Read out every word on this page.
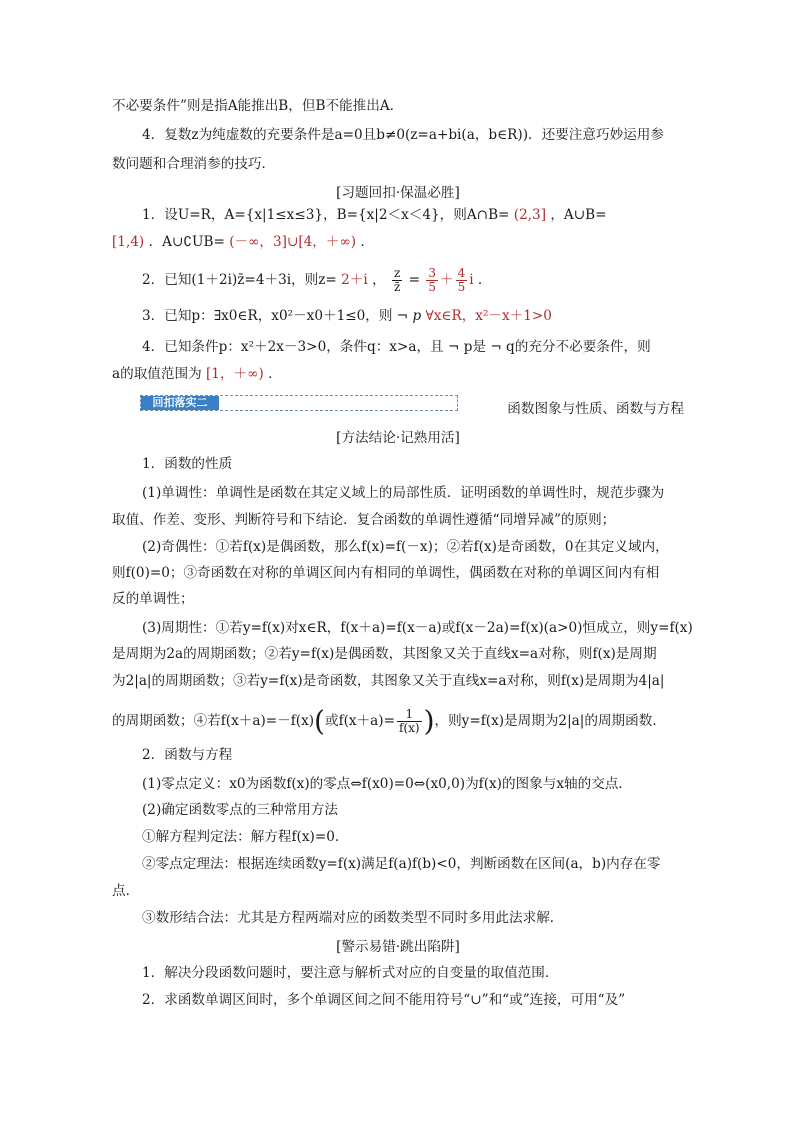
不必要条件”则是指A能推出B，但B不能推出A.
4．复数z为纯虚数的充要条件是a=0且b≠0(z=a+bi(a，b∈R))．还要注意巧妙运用参
数问题和合理消参的技巧．
[习题回扣·保温必胜]
1．设U=R，A={x|1≤x≤3}，B={x|2＜x＜4}，则A∩B= (2,3] ，A∪B=
[1,4) ．A∪∁UB= (－∞，3]∪[4，＋∞) ．
2．已知(1＋2i)z̄=4＋3i，则z= 2＋i ， $\frac{z}{z̄} = \frac{3}{5} + \frac{4}{5}$ i ．
3．已知p：∃x0∈R，x0²－x0＋1≤0，则 ¬ p ∀x∈R，x²－x＋1>0
4．已知条件p：x²＋2x－3>0，条件q：x>a，且 ¬ p是 ¬ q的充分不必要条件，则
a的取值范围为 [1，＋∞) ．
回扣落实二	函数图象与性质、函数与方程
[方法结论·记熟用活]
1．函数的性质
(1)单调性：单调性是函数在其定义域上的局部性质．证明函数的单调性时，规范步骤为
取值、作差、变形、判断符号和下结论．复合函数的单调性遵循“同增异减”的原则；
(2)奇偶性：①若f(x)是偶函数，那么f(x)=f(－x)；②若f(x)是奇函数，0在其定义域内，
则f(0)=0；③奇函数在对称的单调区间内有相同的单调性，偶函数在对称的单调区间内有相
反的单调性；
(3)周期性：①若y=f(x)对x∈R，f(x＋a)=f(x－a)或f(x－2a)=f(x)(a>0)恒成立，则y=f(x)
是周期为2a的周期函数；②若y=f(x)是偶函数，其图象又关于直线x=a对称，则f(x)是周期
为2|a|的周期函数；③若y=f(x)是奇函数，其图象又关于直线x=a对称，则f(x)是周期为4|a|
的周期函数；④若f(x＋a)=－f(x)(或$f(x+a)= \frac{1}{f(x)}$ )，则y=f(x)是周期为2|a|的周期函数．
2．函数与方程
(1)零点定义：x0为函数f(x)的零点⇔f(x0)=0⇔(x0,0)为f(x)的图象与x轴的交点．
(2)确定函数零点的三种常用方法
①解方程判定法：解方程f(x)=0.
②零点定理法：根据连续函数y=f(x)满足f(a)f(b)<0，判断函数在区间(a，b)内存在零
点．
③数形结合法：尤其是方程两端对应的函数类型不同时多用此法求解．
[警示易错·跳出陷阱]
1．解决分段函数问题时，要注意与解析式对应的自变量的取值范围．
2．求函数单调区间时，多个单调区间之间不能用符号“∪”和“或”连接，可用“及”
